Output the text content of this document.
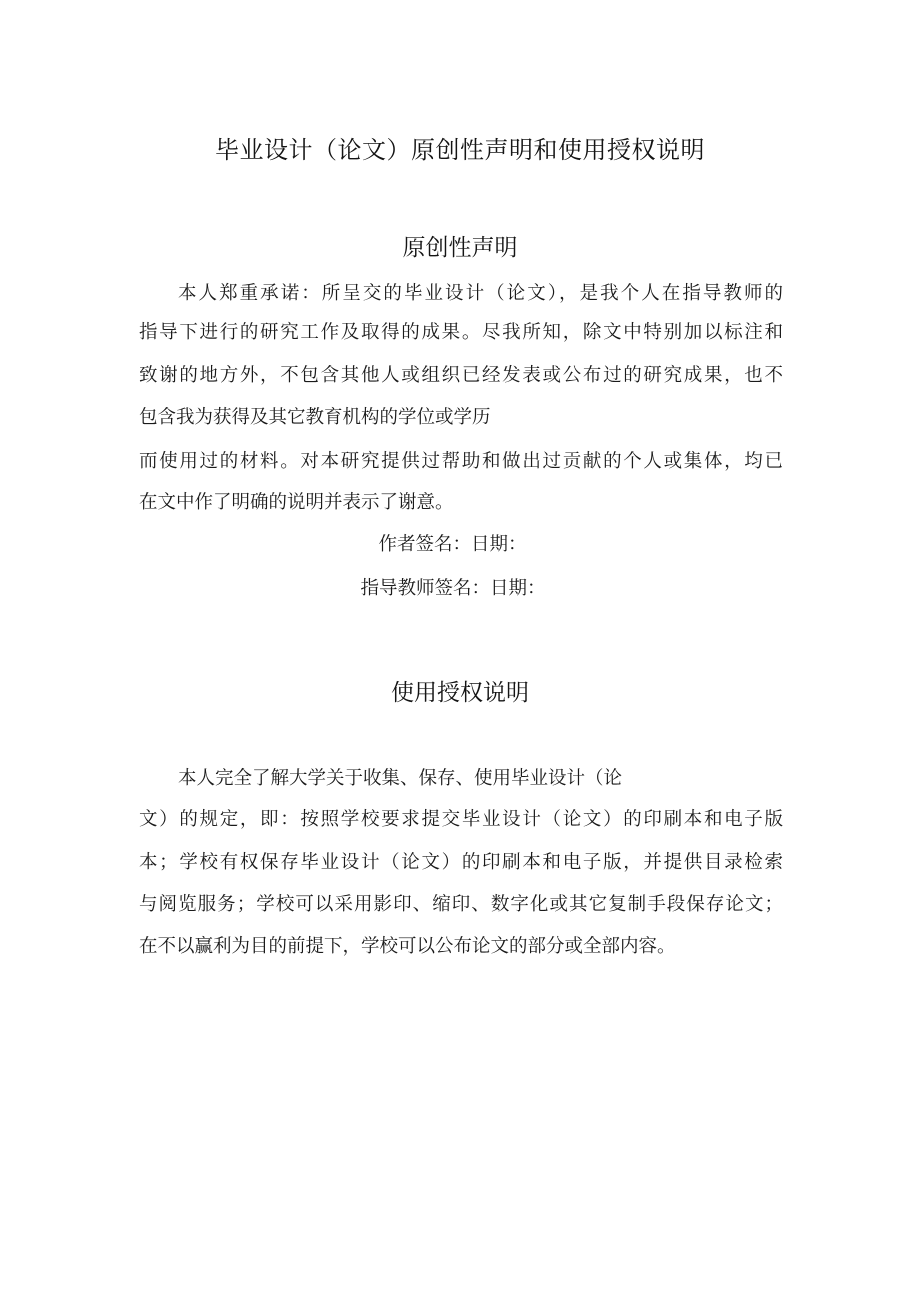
毕业设计（论文）原创性声明和使用授权说明
原创性声明
本人郑重承诺：所呈交的毕业设计（论文），是我个人在指导教师的
指导下进行的研究工作及取得的成果。尽我所知，除文中特别加以标注和
致谢的地方外，不包含其他人或组织已经发表或公布过的研究成果，也不
包含我为获得及其它教育机构的学位或学历
而使用过的材料。对本研究提供过帮助和做出过贡献的个人或集体，均已
在文中作了明确的说明并表示了谢意。
作者签名：日期：
指导教师签名：日期：
使用授权说明
本人完全了解大学关于收集、保存、使用毕业设计（论
文）的规定，即：按照学校要求提交毕业设计（论文）的印刷本和电子版
本；学校有权保存毕业设计（论文）的印刷本和电子版，并提供目录检索
与阅览服务；学校可以采用影印、缩印、数字化或其它复制手段保存论文；
在不以赢利为目的前提下，学校可以公布论文的部分或全部内容。
